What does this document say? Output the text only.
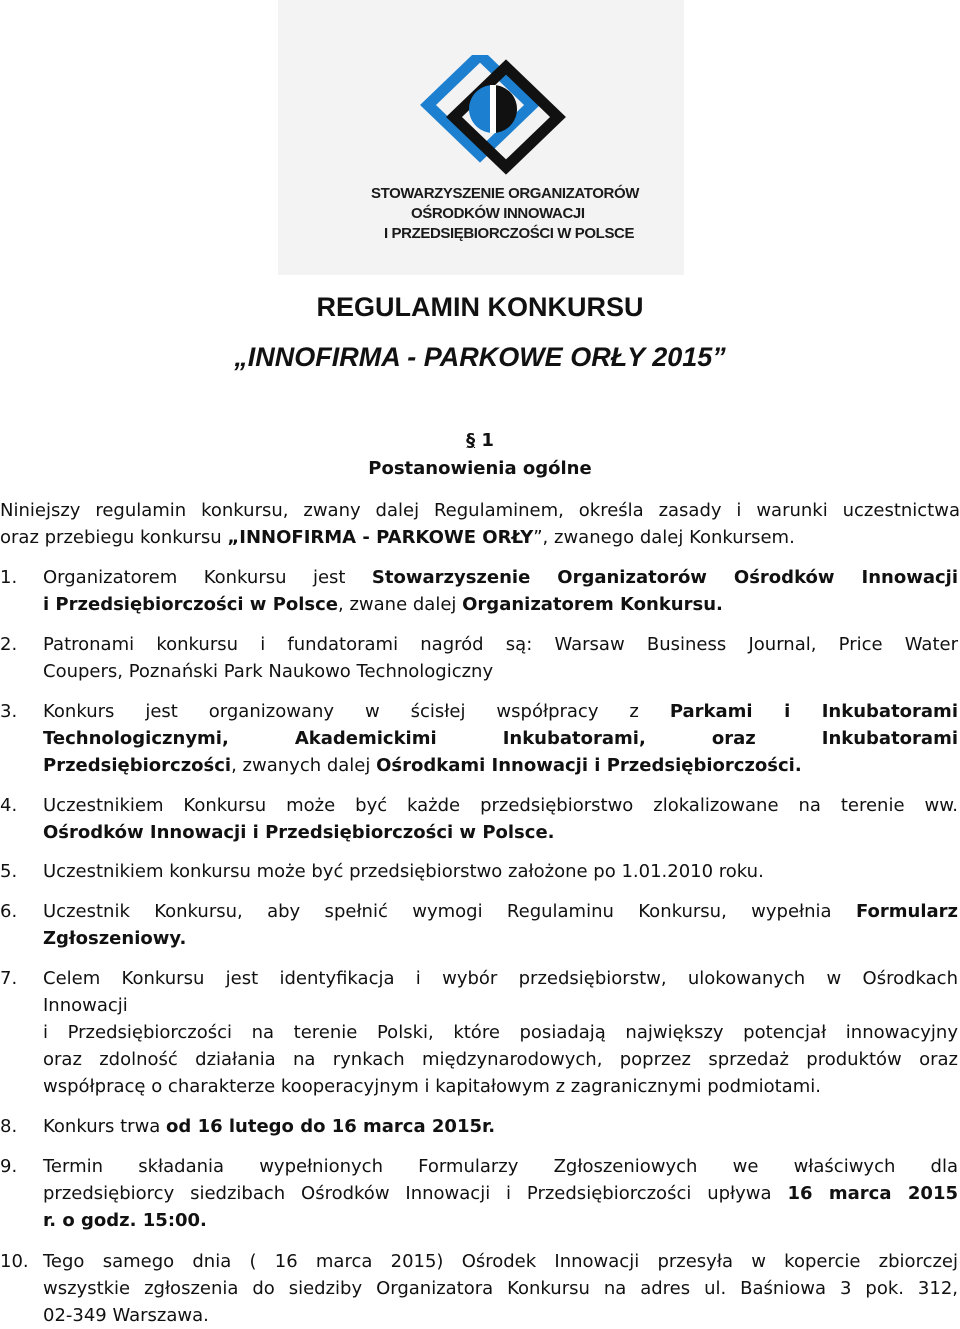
STOWARZYSZENIE ORGANIZATORÓW
OŚRODKÓW INNOWACJI
I PRZEDSIĘBIORCZOŚCI W POLSCE
REGULAMIN KONKURSU
„INNOFIRMA - PARKOWE ORŁY 2015”
§ 1
Postanowienia ogólne
Niniejszy regulamin konkursu, zwany dalej Regulaminem, określa zasady i warunki uczestnictwa
oraz przebiegu konkursu „INNOFIRMA - PARKOWE ORŁY”, zwanego dalej Konkursem.
1. Organizatorem Konkursu jest Stowarzyszenie Organizatorów Ośrodków Innowacji
i Przedsiębiorczości w Polsce, zwane dalej Organizatorem Konkursu.
2. Patronami konkursu i fundatorami nagród są: Warsaw Business Journal, Price Water
Coupers, Poznański Park Naukowo Technologiczny
3. Konkurs jest organizowany w ścisłej współpracy z Parkami i Inkubatorami
Technologicznymi, Akademickimi Inkubatorami, oraz Inkubatorami
Przedsiębiorczości, zwanych dalej Ośrodkami Innowacji i Przedsiębiorczości.
4. Uczestnikiem Konkursu może być każde przedsiębiorstwo zlokalizowane na terenie ww.
Ośrodków Innowacji i Przedsiębiorczości w Polsce.
5. Uczestnikiem konkursu może być przedsiębiorstwo założone po 1.01.2010 roku.
6. Uczestnik Konkursu, aby spełnić wymogi Regulaminu Konkursu, wypełnia Formularz
Zgłoszeniowy.
7. Celem Konkursu jest identyfikacja i wybór przedsiębiorstw, ulokowanych w Ośrodkach
Innowacji
i Przedsiębiorczości na terenie Polski, które posiadają największy potencjał innowacyjny
oraz zdolność działania na rynkach międzynarodowych, poprzez sprzedaż produktów oraz
współpracę o charakterze kooperacyjnym i kapitałowym z zagranicznymi podmiotami.
8. Konkurs trwa od 16 lutego do 16 marca 2015r.
9. Termin składania wypełnionych Formularzy Zgłoszeniowych we właściwych dla
przedsiębiorcy siedzibach Ośrodków Innowacji i Przedsiębiorczości upływa 16 marca 2015
r. o godz. 15:00.
10. Tego samego dnia ( 16 marca 2015) Ośrodek Innowacji przesyła w kopercie zbiorczej
wszystkie zgłoszenia do siedziby Organizatora Konkursu na adres ul. Baśniowa 3 pok. 312,
02-349 Warszawa.
